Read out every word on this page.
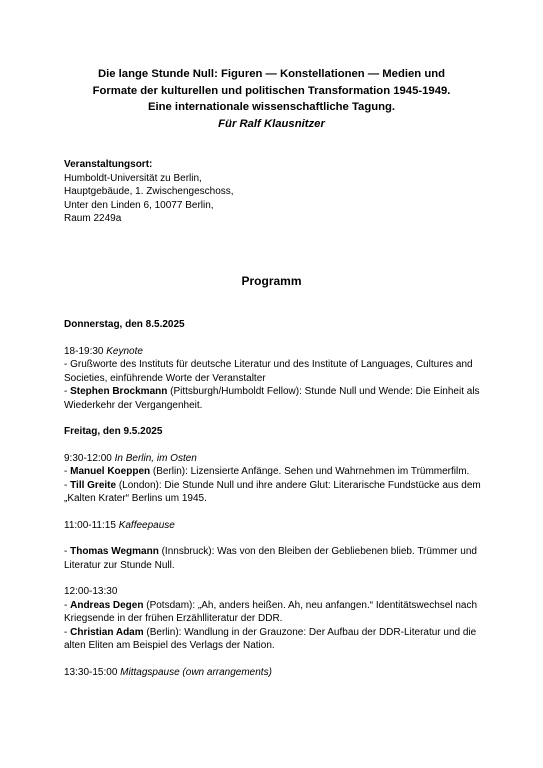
Die lange Stunde Null: Figuren — Konstellationen — Medien und
Formate der kulturellen und politischen Transformation 1945-1949.
Eine internationale wissenschaftliche Tagung.
Für Ralf Klausnitzer
Veranstaltungsort:
Humboldt-Universität zu Berlin,
Hauptgebäude, 1. Zwischengeschoss,
Unter den Linden 6, 10077 Berlin,
Raum 2249a
Programm
Donnerstag, den 8.5.2025
18-19:30 Keynote
- Grußworte des Instituts für deutsche Literatur und des Institute of Languages, Cultures and Societies, einführende Worte der Veranstalter
- Stephen Brockmann (Pittsburgh/Humboldt Fellow): Stunde Null und Wende: Die Einheit als Wiederkehr der Vergangenheit.
Freitag, den 9.5.2025
9:30-12:00 In Berlin, im Osten
- Manuel Koeppen (Berlin): Lizensierte Anfänge. Sehen und Wahrnehmen im Trümmerfilm.
- Till Greite (London): Die Stunde Null und ihre andere Glut: Literarische Fundstücke aus dem „Kalten Krater“ Berlins um 1945.
11:00-11:15 Kaffeepause
- Thomas Wegmann (Innsbruck): Was von den Bleiben der Gebliebenen blieb. Trümmer und Literatur zur Stunde Null.
12:00-13:30
- Andreas Degen (Potsdam): „Ah, anders heißen. Ah, neu anfangen.“ Identitätswechsel nach Kriegsende in der frühen Erzählliteratur der DDR.
- Christian Adam (Berlin): Wandlung in der Grauzone: Der Aufbau der DDR-Literatur und die alten Eliten am Beispiel des Verlags der Nation.
13:30-15:00 Mittagspause (own arrangements)
